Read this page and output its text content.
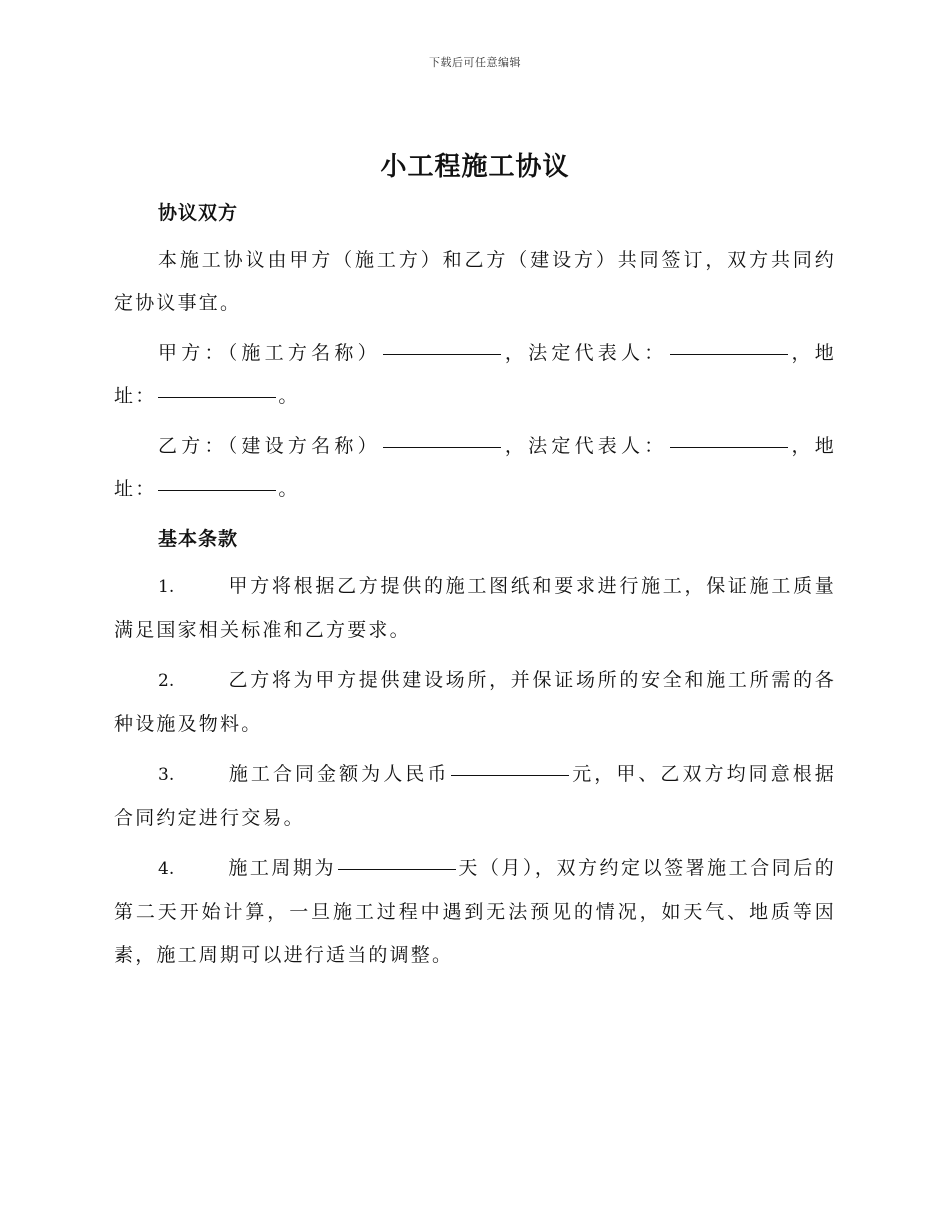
下载后可任意编辑
小工程施工协议
协议双方

本施工协议由甲方（施工方）和乙方（建设方）共同签订，双方共同约定协议事宜。

甲方：（施工方名称）	，法定代表人：	，地址：	。

乙方：（建设方名称）	，法定代表人：	，地址：	。

基本条款

1.	甲方将根据乙方提供的施工图纸和要求进行施工，保证施工质量满足国家相关标准和乙方要求。

2.	乙方将为甲方提供建设场所，并保证场所的安全和施工所需的各种设施及物料。

3.	施工合同金额为人民币	元，甲、乙双方均同意根据合同约定进行交易。

4.	施工周期为	天（月），双方约定以签署施工合同后的第二天开始计算，一旦施工过程中遇到无法预见的情况，如天气、地质等因素，施工周期可以进行适当的调整。
